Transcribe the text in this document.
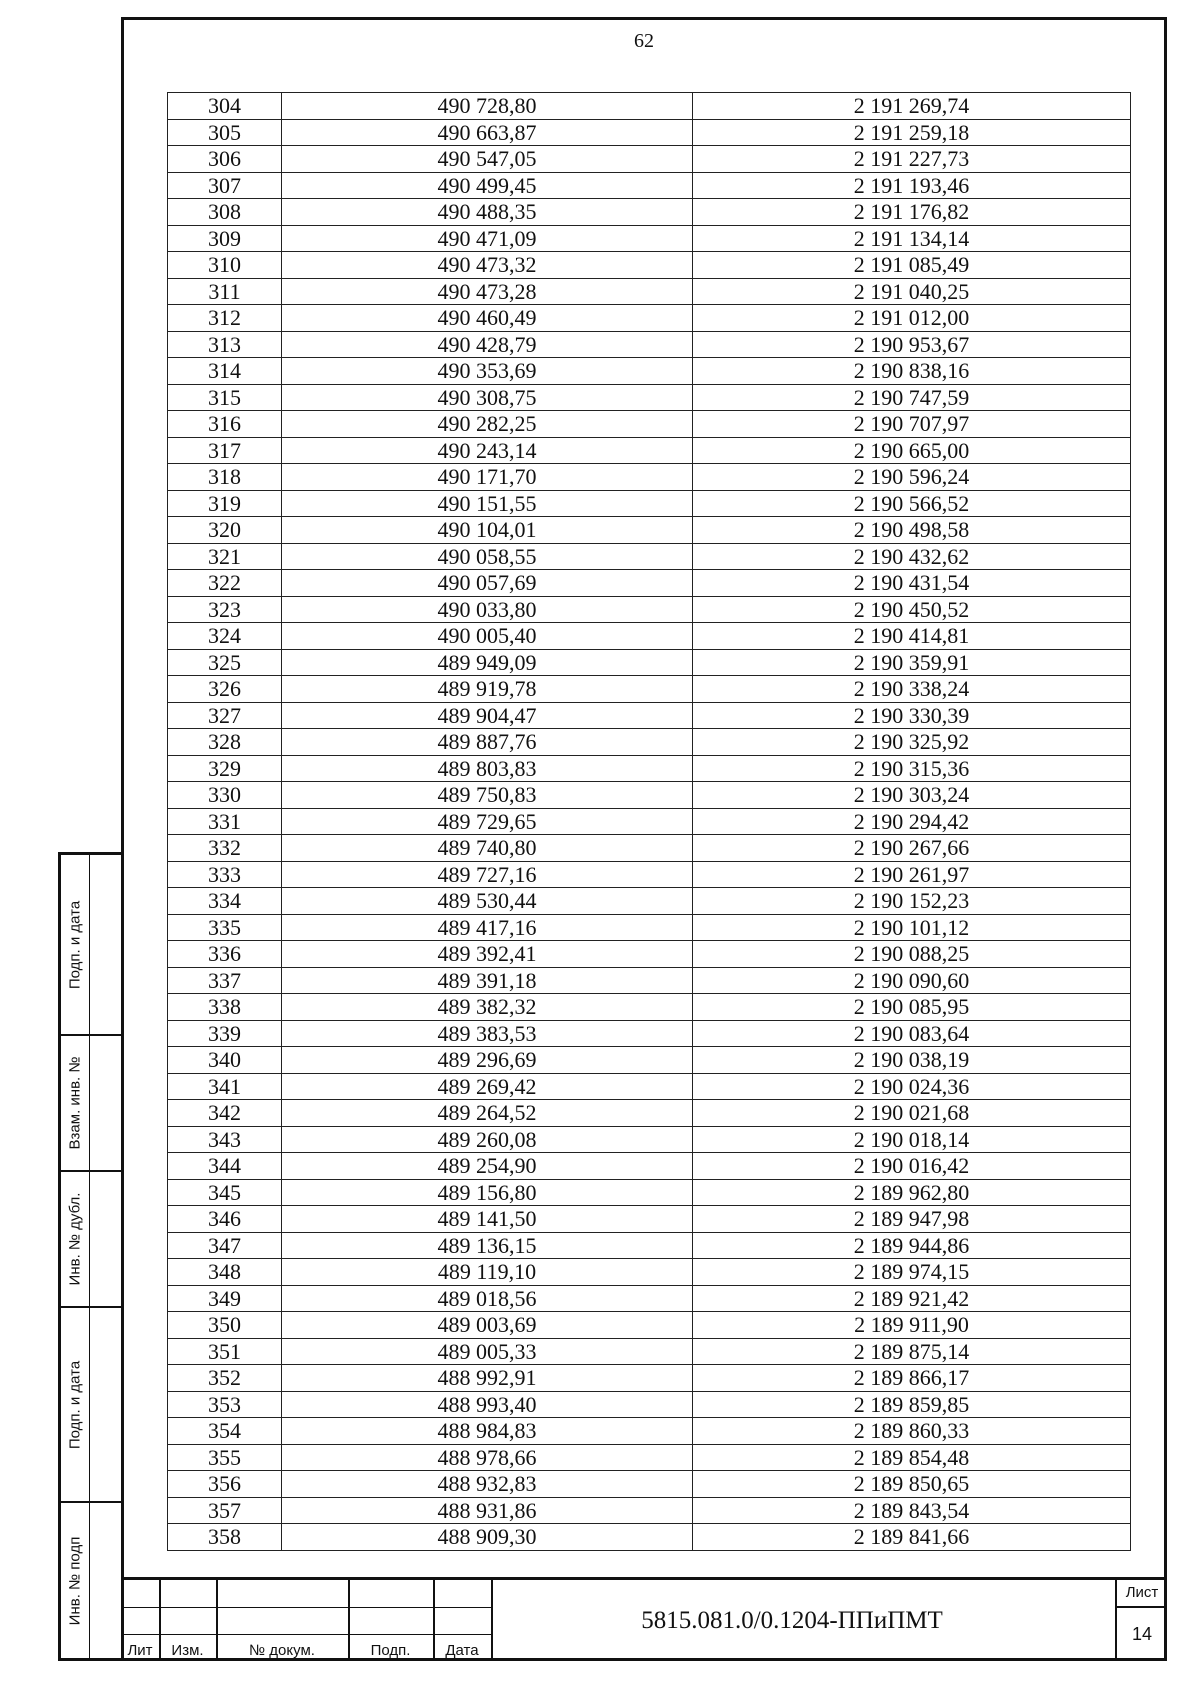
62
304	490 728,80	2 191 269,74
305	490 663,87	2 191 259,18
306	490 547,05	2 191 227,73
307	490 499,45	2 191 193,46
308	490 488,35	2 191 176,82
309	490 471,09	2 191 134,14
310	490 473,32	2 191 085,49
311	490 473,28	2 191 040,25
312	490 460,49	2 191 012,00
313	490 428,79	2 190 953,67
314	490 353,69	2 190 838,16
315	490 308,75	2 190 747,59
316	490 282,25	2 190 707,97
317	490 243,14	2 190 665,00
318	490 171,70	2 190 596,24
319	490 151,55	2 190 566,52
320	490 104,01	2 190 498,58
321	490 058,55	2 190 432,62
322	490 057,69	2 190 431,54
323	490 033,80	2 190 450,52
324	490 005,40	2 190 414,81
325	489 949,09	2 190 359,91
326	489 919,78	2 190 338,24
327	489 904,47	2 190 330,39
328	489 887,76	2 190 325,92
329	489 803,83	2 190 315,36
330	489 750,83	2 190 303,24
331	489 729,65	2 190 294,42
332	489 740,80	2 190 267,66
333	489 727,16	2 190 261,97
334	489 530,44	2 190 152,23
335	489 417,16	2 190 101,12
336	489 392,41	2 190 088,25
337	489 391,18	2 190 090,60
338	489 382,32	2 190 085,95
339	489 383,53	2 190 083,64
340	489 296,69	2 190 038,19
341	489 269,42	2 190 024,36
342	489 264,52	2 190 021,68
343	489 260,08	2 190 018,14
344	489 254,90	2 190 016,42
345	489 156,80	2 189 962,80
346	489 141,50	2 189 947,98
347	489 136,15	2 189 944,86
348	489 119,10	2 189 974,15
349	489 018,56	2 189 921,42
350	489 003,69	2 189 911,90
351	489 005,33	2 189 875,14
352	488 992,91	2 189 866,17
353	488 993,40	2 189 859,85
354	488 984,83	2 189 860,33
355	488 978,66	2 189 854,48
356	488 932,83	2 189 850,65
357	488 931,86	2 189 843,54
358	488 909,30	2 189 841,66
Подп. и дата
Взам. инв. №
Инв. № дубл.
Подп. и дата
Инв. № подп
Лит	Изм.	№ докум.	Подп.	Дата
5815.081.0/0.1204-ППиПМТ
Лист
14
